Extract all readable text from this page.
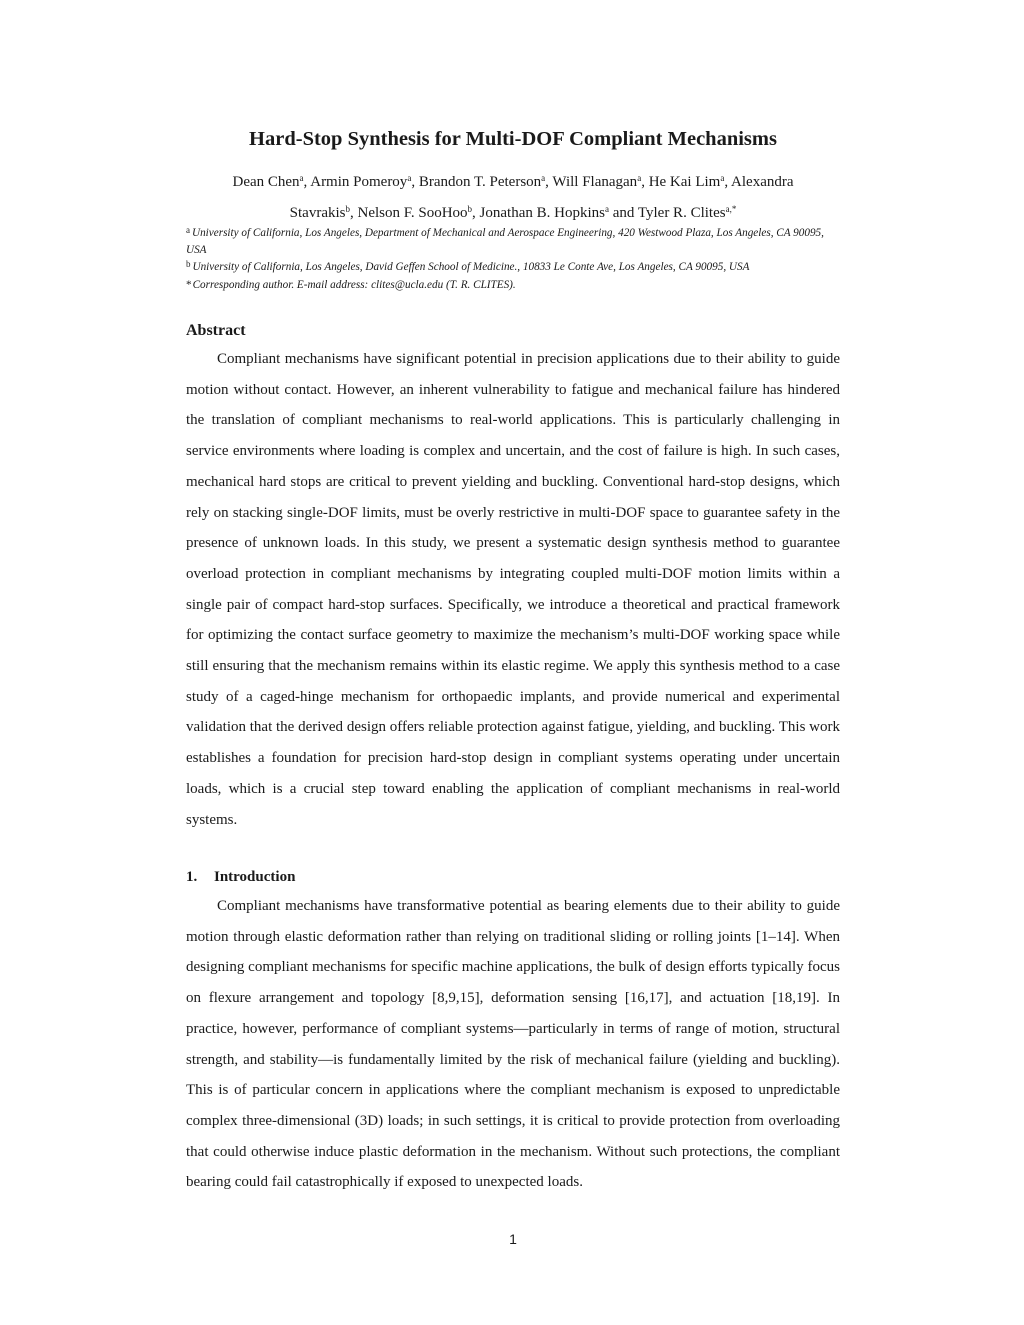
Hard-Stop Synthesis for Multi-DOF Compliant Mechanisms
Dean Chen$^a$, Armin Pomeroy$^a$, Brandon T. Peterson$^a$, Will Flanagan$^a$, He Kai Lim$^a$, Alexandra
Stavrakis$^b$, Nelson F. SooHoo$^b$, Jonathan B. Hopkins$^a$ and Tyler R. Clites$^{a,*}$

$^a$ University of California, Los Angeles, Department of Mechanical and Aerospace Engineering, 420 Westwood Plaza, Los Angeles, CA 90095, USA

$^b$ University of California, Los Angeles, David Geffen School of Medicine., 10833 Le Conte Ave, Los Angeles, CA 90095, USA

*Corresponding author. E-mail address: clites@ucla.edu (T. R. CLITES).

Abstract
Compliant mechanisms have significant potential in precision applications due to their ability to guide motion without contact. However, an inherent vulnerability to fatigue and mechanical failure has hindered the translation of compliant mechanisms to real-world applications. This is particularly challenging in service environments where loading is complex and uncertain, and the cost of failure is high. In such cases, mechanical hard stops are critical to prevent yielding and buckling. Conventional hard-stop designs, which rely on stacking single-DOF limits, must be overly restrictive in multi-DOF space to guarantee safety in the presence of unknown loads. In this study, we present a systematic design synthesis method to guarantee overload protection in compliant mechanisms by integrating coupled multi-DOF motion limits within a single pair of compact hard-stop surfaces. Specifically, we introduce a theoretical and practical framework for optimizing the contact surface geometry to maximize the mechanism’s multi-DOF working space while still ensuring that the mechanism remains within its elastic regime. We apply this synthesis method to a case study of a caged-hinge mechanism for orthopaedic implants, and provide numerical and experimental validation that the derived design offers reliable protection against fatigue, yielding, and buckling. This work establishes a foundation for precision hard-stop design in compliant systems operating under uncertain loads, which is a crucial step toward enabling the application of compliant mechanisms in real-world systems.
1. Introduction
Compliant mechanisms have transformative potential as bearing elements due to their ability to guide motion through elastic deformation rather than relying on traditional sliding or rolling joints [1–14]. When designing compliant mechanisms for specific machine applications, the bulk of design efforts typically focus on flexure arrangement and topology [8,9,15], deformation sensing [16,17], and actuation [18,19]. In practice, however, performance of compliant systems—particularly in terms of range of motion, structural strength, and stability—is fundamentally limited by the risk of mechanical failure (yielding and buckling). This is of particular concern in applications where the compliant mechanism is exposed to unpredictable complex three-dimensional (3D) loads; in such settings, it is critical to provide protection from overloading that could otherwise induce plastic deformation in the mechanism. Without such protections, the compliant bearing could fail catastrophically if exposed to unexpected loads.
1
